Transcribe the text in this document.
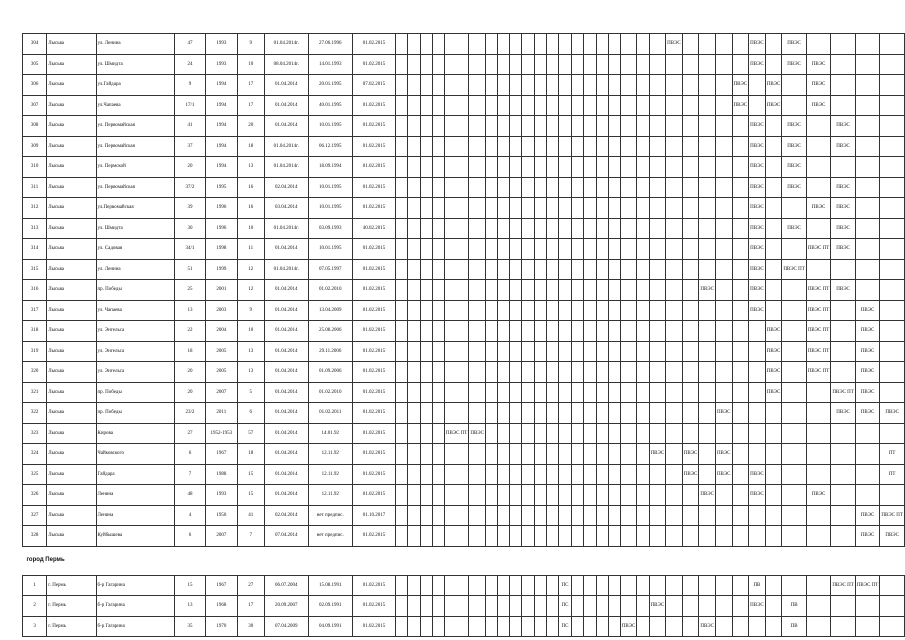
304	Лысьва	ул. Ленина	47	1993	9	01.04.2014г.	27.06.1996	01.02.2015																					ПВЭС					ПВЭС		ПВЭС				
305	Лысьва	ул. Шмидта	24	1993	10	08.04.2014г.	14.01.1993	01.02.2015																										ПВЭС		ПВЭС	ПВЭС			
306	Лысьва	ул.Гайдара	9	1994	17	01.04.2014	20.01.1995	07.02.2015																									ПВЭС		ПВЭС		ПВЭС			
307	Лысьва	ул.Чапаева	17/1	1994	17	01.04.2014	40.01.1995	01.02.2015																									ПВЭС		ПВЭС		ПВЭС			
308	Лысьва	ул. Первомайская	41	1994	20	01.04.2014	10.01.1995	01.02.2015																										ПВЭС		ПВЭС		ПВЭС		
309	Лысьва	ул. Первомайская	37	1994	18	01.04.2014г.	06.12.1995	01.02.2015																										ПВЭС		ПВЭС		ПВЭС		
310	Лысьва	ул. Пермской	20	1994	13	01.04.2014г.	18.09.1994	01.02.2015																										ПВЭС		ПВЭС				
311	Лысьва	ул. Первомайская	37/2	1995	16	02.04.2014	10.01.1995	01.02.2015																										ПВЭС		ПВЭС		ПВЭС		
312	Лысьва	ул.Первомайская	39	1996	16	03.04.2014	10.01.1995	01.02.2015																										ПВЭС			ПВЭС	ПВЭС		
313	Лысьва	ул. Шмидта	30	1996	10	01.04.2014г.	03.09.1993	40.02.2015																										ПВЭС		ПВЭС		ПВЭС		
314	Лысьва	ул. Садовая	34/1	1998	11	01.04.2014	10.01.1995	01.02.2015																										ПВЭС			ПВЭС ПТ	ПВЭС		
315	Лысьва	ул. Ленина	51	1999	12	01.04.2014г.	07.05.1997	01.02.2015																										ПВЭС		ПВЭС ПТ				
316	Лысьва	пр. Победы	25	2001	12	01.04.2014	01.02.2010	01.02.2015																							ПВЭС			ПВЭС			ПВЭС ПТ	ПВЭС		
317	Лысьва	ул. Чапаева	13	2003	9	01.04.2014	13.04.2009	01.02.2015																										ПВЭС			ПВЭС ПТ		ПВЭС	
318	Лысьва	ул. Энгельса	22	2004	10	01.04.2014	25.08.2006	01.02.2015																											ПВЭС		ПВЭС ПТ		ПВЭС	
319	Лысьва	ул. Энгельса	18	2005	13	01.04.2014	29.11.2006	01.02.2015																											ПВЭС		ПВЭС ПТ		ПВЭС	
320	Лысьва	ул. Энгельса	20	2005	13	01.04.2014	01.09.2006	01.02.2015																											ПВЭС		ПВЭС ПТ		ПВЭС	
321	Лысьва	пр. Победы	20	2007	5	01.04.2014	01.02.2010	01.02.2015																											ПВЭС			ПВЭС ПТ	ПВЭС	
322	Лысьва	пр. Победы	23/2	2011	6	01.04.2014	01.02.2011	01.02.2015																								ПВЭС						ПВЭС	ПВЭС	ПВЭС
323	Лысьва	Кирова	27	1952-1953	57	01.04.2014	14.01.92	01.02.2015					ПВЭС ПТ	ПВЭС																										
324	Лысьва	Чайковского	6	1967	18	01.04.2014	12.11.92	01.02.2015																				ПВЭС		ПВЭС		ПВЭС								ПТ
325	Лысьва	Гайдара	7	1988	15	01.04.2014	12.11.92	01.02.2015																						ПВЭС		ПВЭС		ПВЭС						ПТ
326	Лысьва	Ленина	48	1993	15	01.04.2014	12.11.92	01.02.2015																							ПВЭС			ПВЭС			ПВЭС			
327	Лысьва	Ленина	4	1950	41	02.04.2014	нет предпис.	01.10.2017																															ПВЭС	ПВЭС ПТ
328	Лысьва	Куйбышева	6	2007	7	07.04.2014	нет предпис.	01.02.2015																															ПВЭС	ПВЭС
город Пермь																																								
1	г. Пермь	б-р Гагарина	15	1967	27	06.07.2004	15.08.1991	01.02.2015													ПС													ПВ				ПВЭС ПТ	ПВЭС ПТ	
2	г. Пермь	б-р Гагарина	13	1968	17	20.09.2007	02.09.1991	01.02.2015													ПС							ПВЭС						ПВЭС		ПВ				
3	г. Пермь	б-р Гагарина	35	1970	30	07.04.2009	04.09.1991	01.02.2015													ПС					ПВЭС					ПВЭС					ПВ				
